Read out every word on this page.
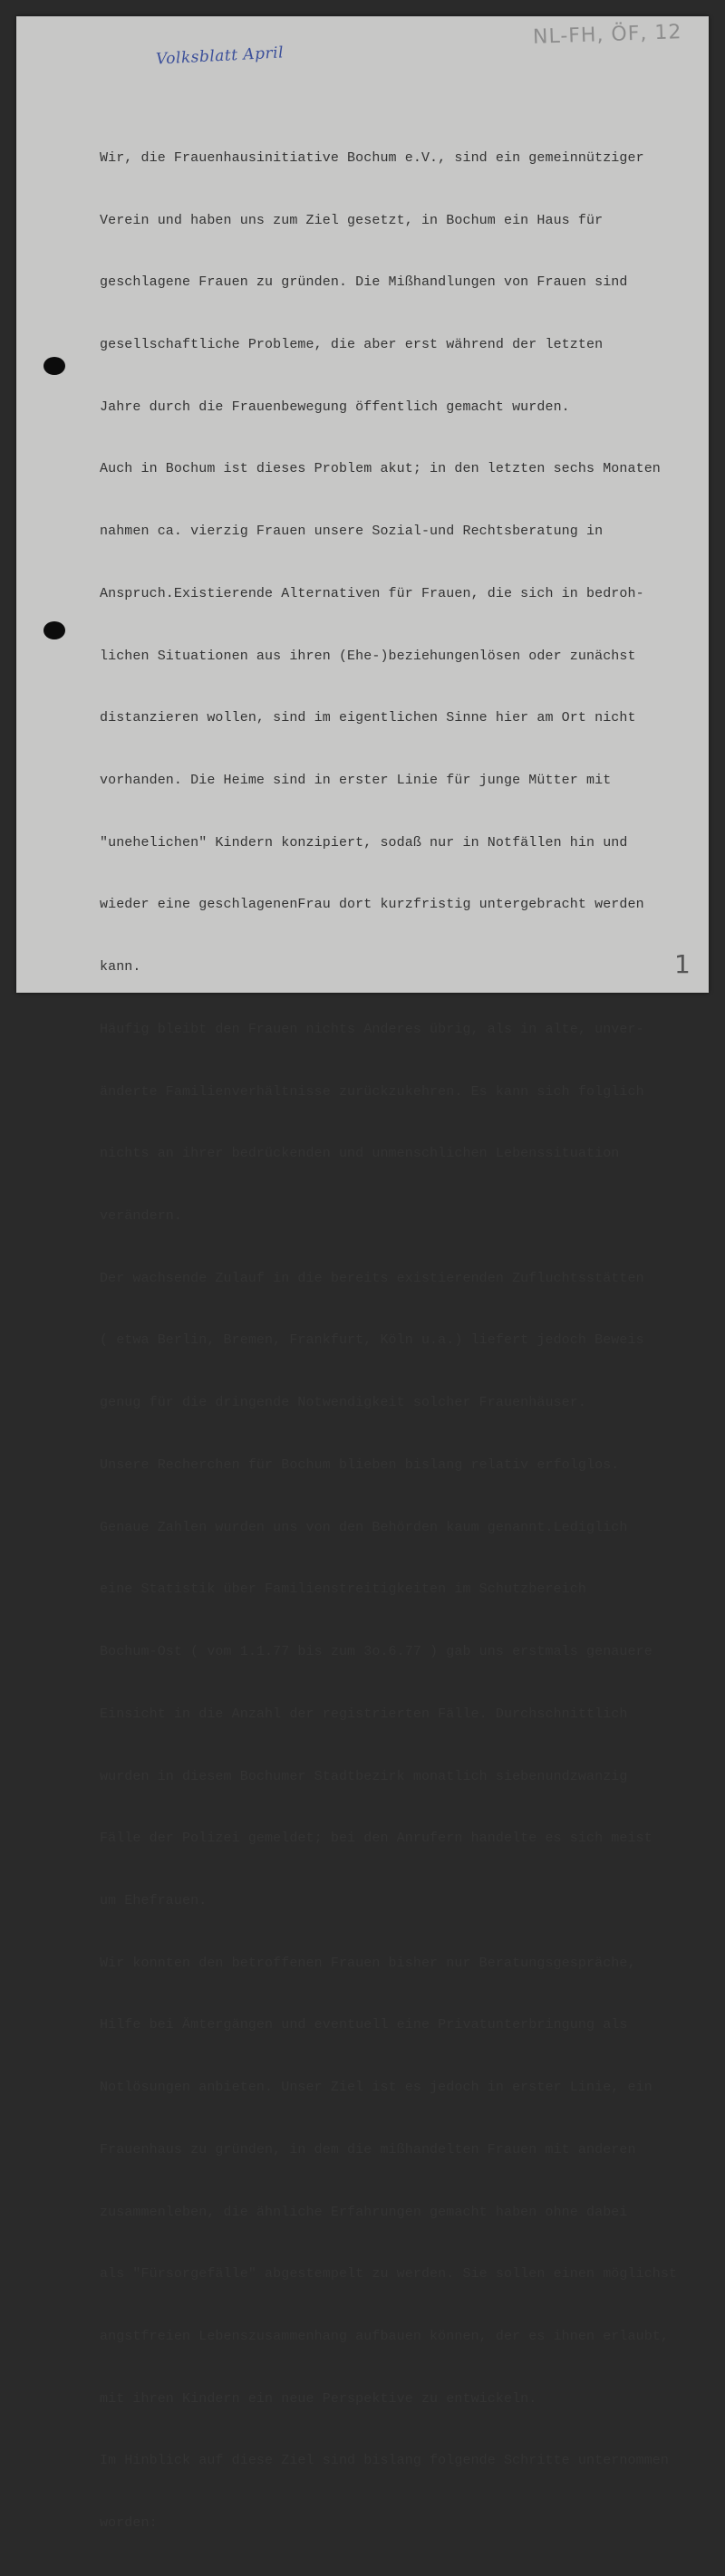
Volksblatt April
NL-FH, ÖF, 12

Wir, die Frauenhausinitiative Bochum e.V., sind ein gemeinnütziger

Verein und haben uns zum Ziel gesetzt, in Bochum ein Haus für

geschlagene Frauen zu gründen. Die Mißhandlungen von Frauen sind

gesellschaftliche Probleme, die aber erst während der letzten

Jahre durch die Frauenbewegung öffentlich gemacht wurden.

Auch in Bochum ist dieses Problem akut; in den letzten sechs Monaten

nahmen ca. vierzig Frauen unsere Sozial-und Rechtsberatung in

Anspruch.Existierende Alternativen für Frauen, die sich in bedroh-

lichen Situationen aus ihren (Ehe-)beziehungenlösen oder zunächst

distanzieren wollen, sind im eigentlichen Sinne hier am Ort nicht

vorhanden. Die Heime sind in erster Linie für junge Mütter mit

"unehelichen" Kindern konzipiert, sodaß nur in Notfällen hin und

wieder eine geschlagenenFrau dort kurzfristig untergebracht werden

kann.

Häufig bleibt den Frauen nichts Anderes übrig, als in alte, unver-

änderte Familienverhältnisse zurückzukehren. Es kann sich folglich

nichts an ihrer bedrückenden und unmenschlichen Lebenssituation

verändern.

Der wachsende Zulauf in die bereits existierenden Zufluchtsstätten

( etwa Berlin, Bremen, Frankfurt, Köln u.a.) liefert jedoch Beweis

genug für die dringende Notwendigkeit solcher Frauenhäuser.

Unsere Recherchen für Bochum blieben bislang relativ erfolglos.

Genaue Zahlen wurden uns von den Behörden kaum genannt.Lediglich

eine Statistik über Familienstreitigkeiten im Schutzbereich

Bochum-Ost ( vom 1.1.77 bis zum 3o.6.77 ) gab uns erstmals genauere

Einsicht in die Anzahl der registrierten Fälle. Durchschnittlich

wurden in diesem Bochumer Stadtbezirk monatlich siebenundzwanzig

Fälle der Polizei gemeldet; bei den Anrufern handelte es sich meist

um Ehefrauen.

Wir konnten den betroffenen Frauen bisher nur Beratungsgespräche,

Hilfe bei Ämtergängen und eventuell eine Privatunterbringung als

Notlösungen anbieten. Unser Ziel ist es jedoch in erster Linie, ein

Frauenhaus zu gründen, in dem die mißhandelten Frauen mit anderen

zusammenleben, die ähnliche Erfahrungen gemacht haben ohne dabei

als "Fürsorgefälle" abgestempelt zu werden. Sie sollen einen möglichst

angstfreien Lebenszusammenhang aufbauen können, der es ihnen erlaubt,

mit ihren Kindern ein neue Perspektive zu entwickeln.

Im Hinblick auf diese Ziel sind bislang folgende Schritte unternommen

worden:

1
